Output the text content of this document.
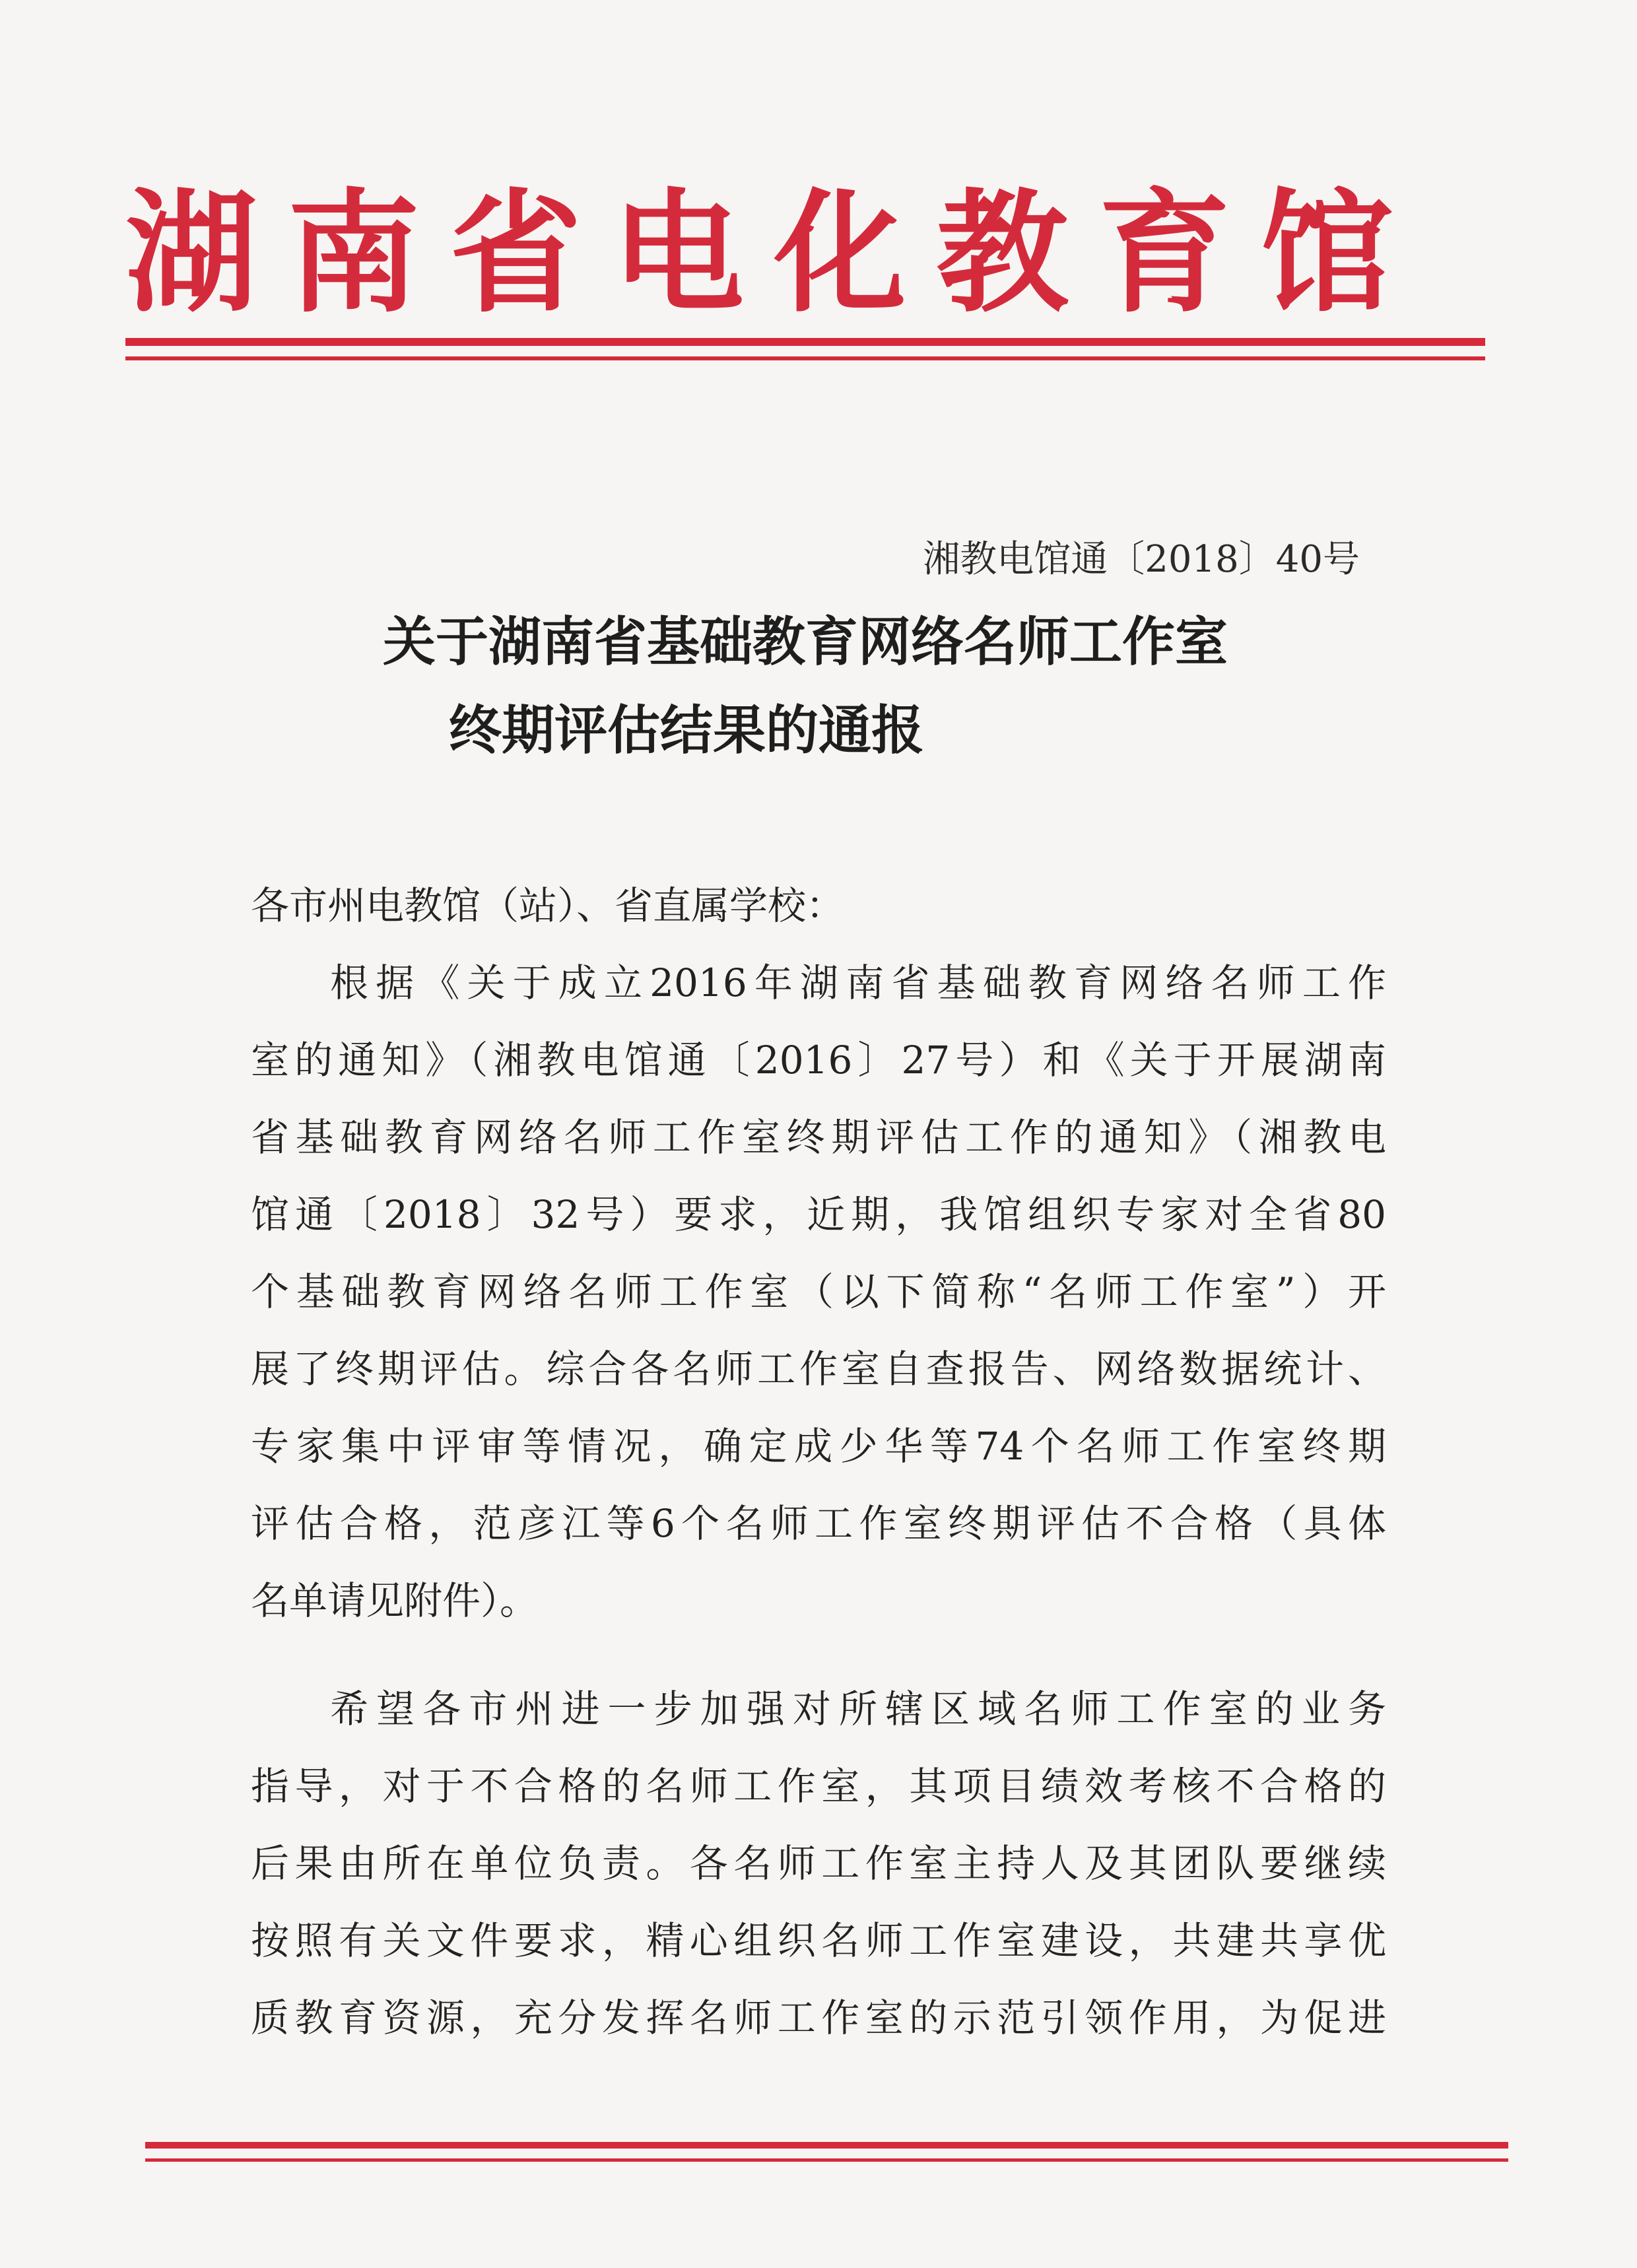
湖 南 省 电 化 教 育 馆

湘教电馆通〔2018〕40号

关于湖南省基础教育网络名师工作室
终期评估结果的通报

各市州电教馆（站）、省直属学校：

根据《关于成立2016年湖南省基础教育网络名师工作

室的通知》（湘教电馆通〔2016〕27号）和《关于开展湖南

省基础教育网络名师工作室终期评估工作的通知》（湘教电

馆通〔2018〕32号）要求，近期，我馆组织专家对全省80

个基础教育网络名师工作室（以下简称“名师工作室”）开

展了终期评估。综合各名师工作室自查报告、网络数据统计、

专家集中评审等情况，确定成少华等74个名师工作室终期

评估合格，范彦江等6个名师工作室终期评估不合格（具体

名单请见附件）。

希望各市州进一步加强对所辖区域名师工作室的业务

指导，对于不合格的名师工作室，其项目绩效考核不合格的

后果由所在单位负责。各名师工作室主持人及其团队要继续

按照有关文件要求，精心组织名师工作室建设，共建共享优

质教育资源，充分发挥名师工作室的示范引领作用，为促进
